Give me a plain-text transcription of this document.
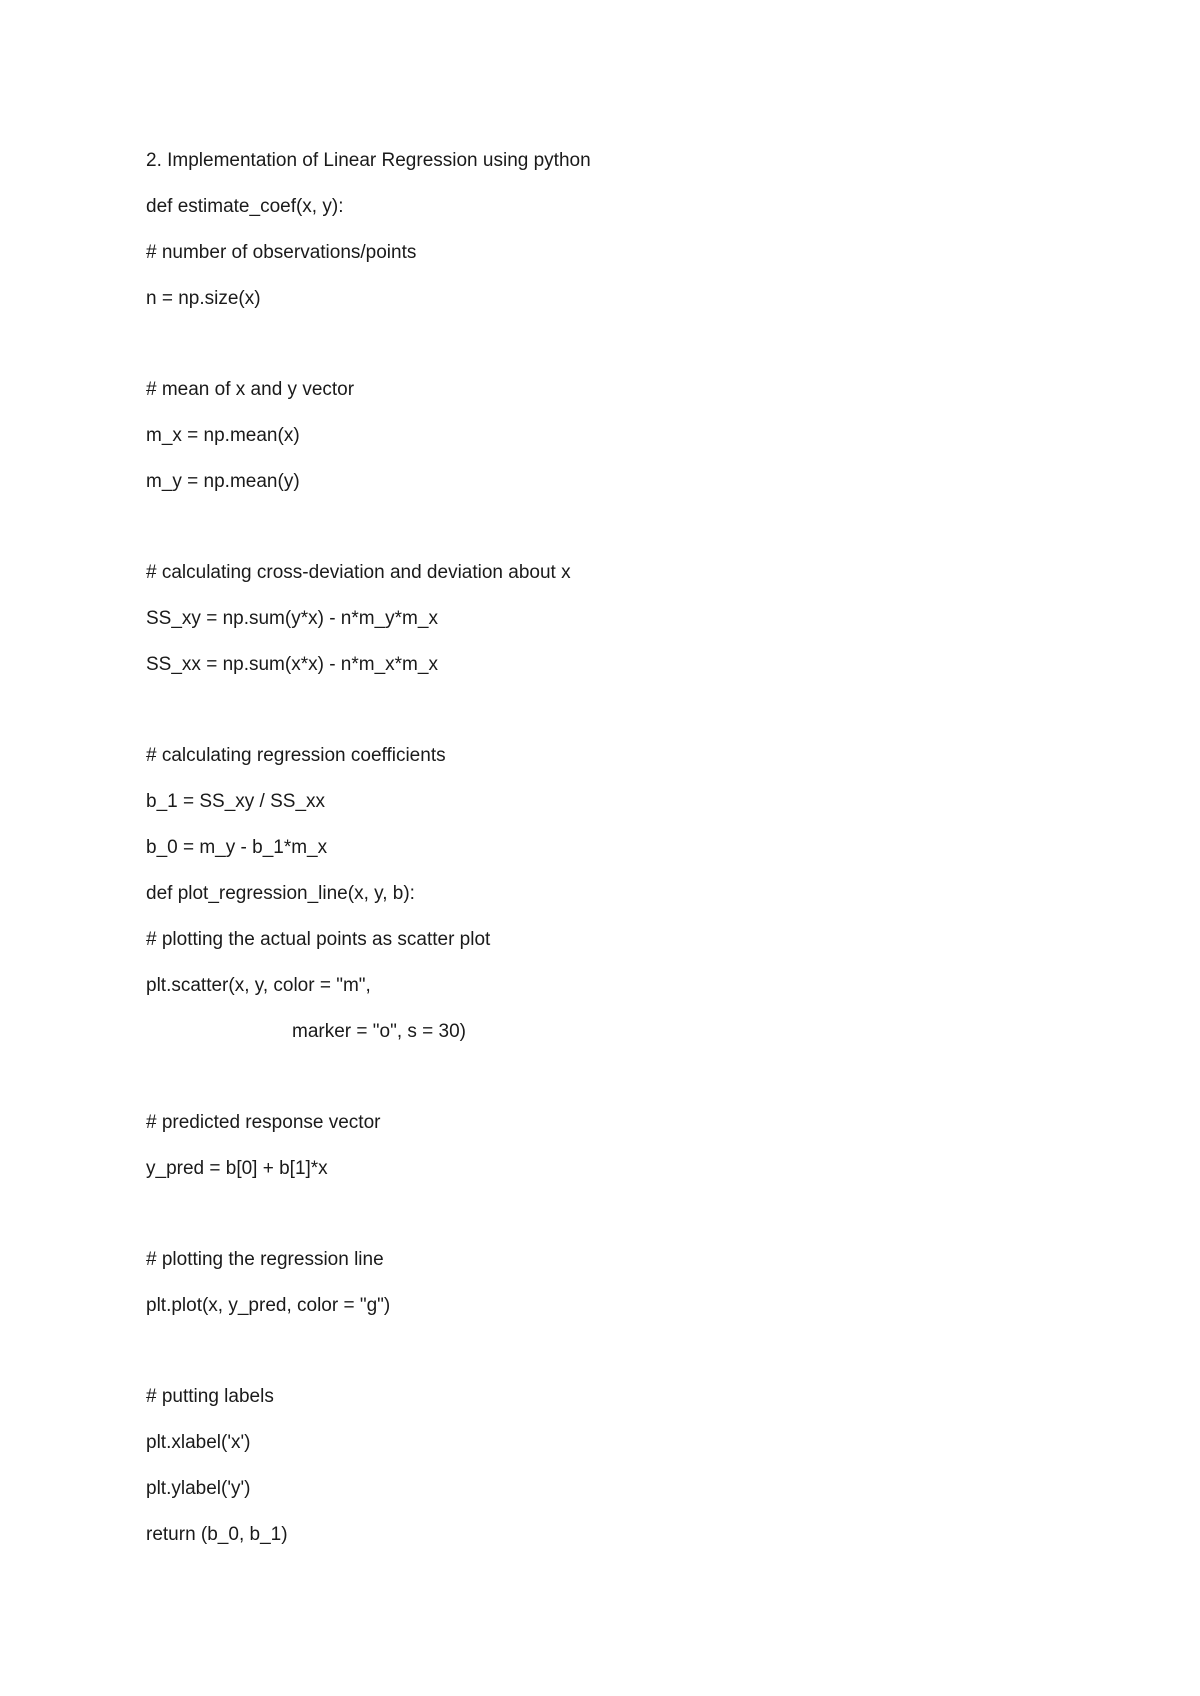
2. Implementation of Linear Regression using python
def estimate_coef(x, y):
# number of observations/points
n = np.size(x)
# mean of x and y vector
m_x = np.mean(x)
m_y = np.mean(y)
# calculating cross-deviation and deviation about x
SS_xy = np.sum(y*x) - n*m_y*m_x
SS_xx = np.sum(x*x) - n*m_x*m_x
# calculating regression coefficients
b_1 = SS_xy / SS_xx
b_0 = m_y - b_1*m_x
def plot_regression_line(x, y, b):
# plotting the actual points as scatter plot
plt.scatter(x, y, color = "m",
marker = "o", s = 30)
# predicted response vector
y_pred = b[0] + b[1]*x
# plotting the regression line
plt.plot(x, y_pred, color = "g")
# putting labels
plt.xlabel('x')
plt.ylabel('y')
return (b_0, b_1)
